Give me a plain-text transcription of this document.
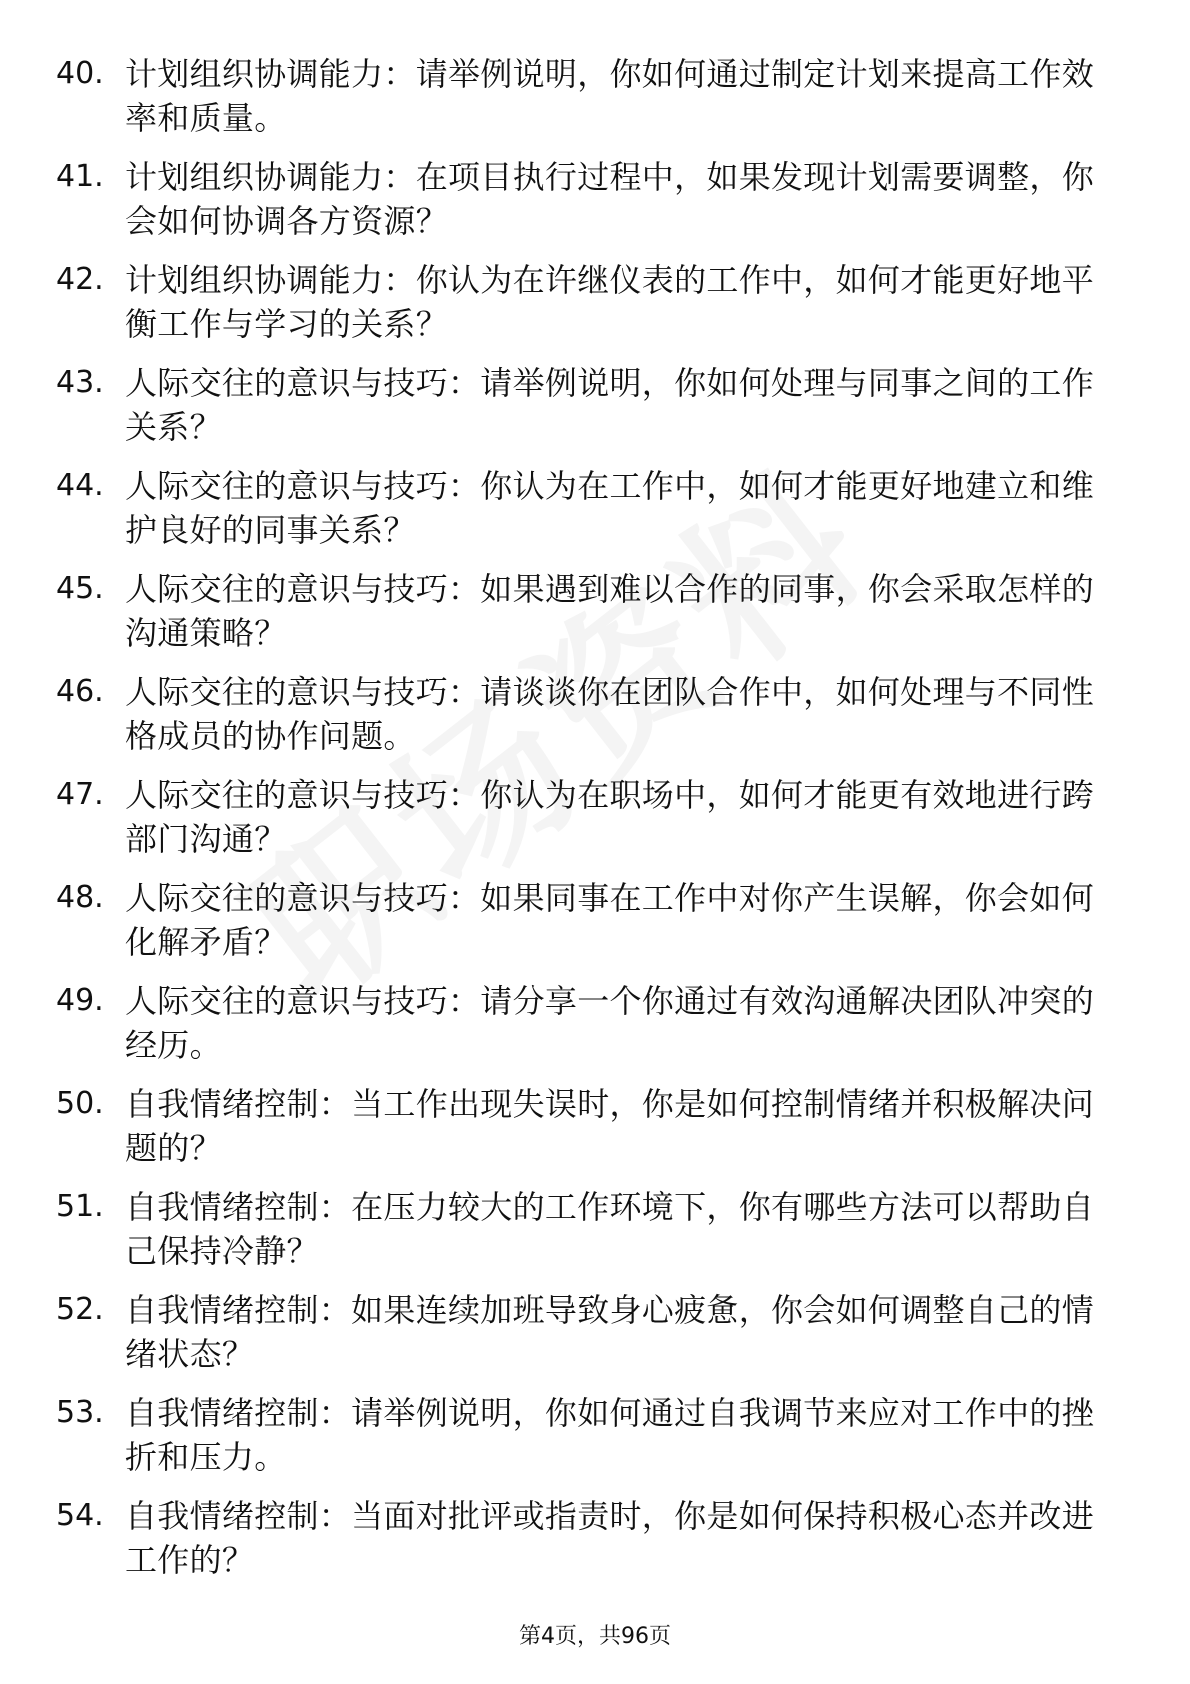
40. 计划组织协调能力：请举例说明，你如何通过制定计划来提高工作效率和质量。
41. 计划组织协调能力：在项目执行过程中，如果发现计划需要调整，你会如何协调各方资源？
42. 计划组织协调能力：你认为在许继仪表的工作中，如何才能更好地平衡工作与学习的关系？
43. 人际交往的意识与技巧：请举例说明，你如何处理与同事之间的工作关系？
44. 人际交往的意识与技巧：你认为在工作中，如何才能更好地建立和维护良好的同事关系？
45. 人际交往的意识与技巧：如果遇到难以合作的同事，你会采取怎样的沟通策略？
46. 人际交往的意识与技巧：请谈谈你在团队合作中，如何处理与不同性格成员的协作问题。
47. 人际交往的意识与技巧：你认为在职场中，如何才能更有效地进行跨部门沟通？
48. 人际交往的意识与技巧：如果同事在工作中对你产生误解，你会如何化解矛盾？
49. 人际交往的意识与技巧：请分享一个你通过有效沟通解决团队冲突的经历。
50. 自我情绪控制：当工作出现失误时，你是如何控制情绪并积极解决问题的？
51. 自我情绪控制：在压力较大的工作环境下，你有哪些方法可以帮助自己保持冷静？
52. 自我情绪控制：如果连续加班导致身心疲惫，你会如何调整自己的情绪状态？
53. 自我情绪控制：请举例说明，你如何通过自我调节来应对工作中的挫折和压力。
54. 自我情绪控制：当面对批评或指责时，你是如何保持积极心态并改进工作的？
第4页，共96页
